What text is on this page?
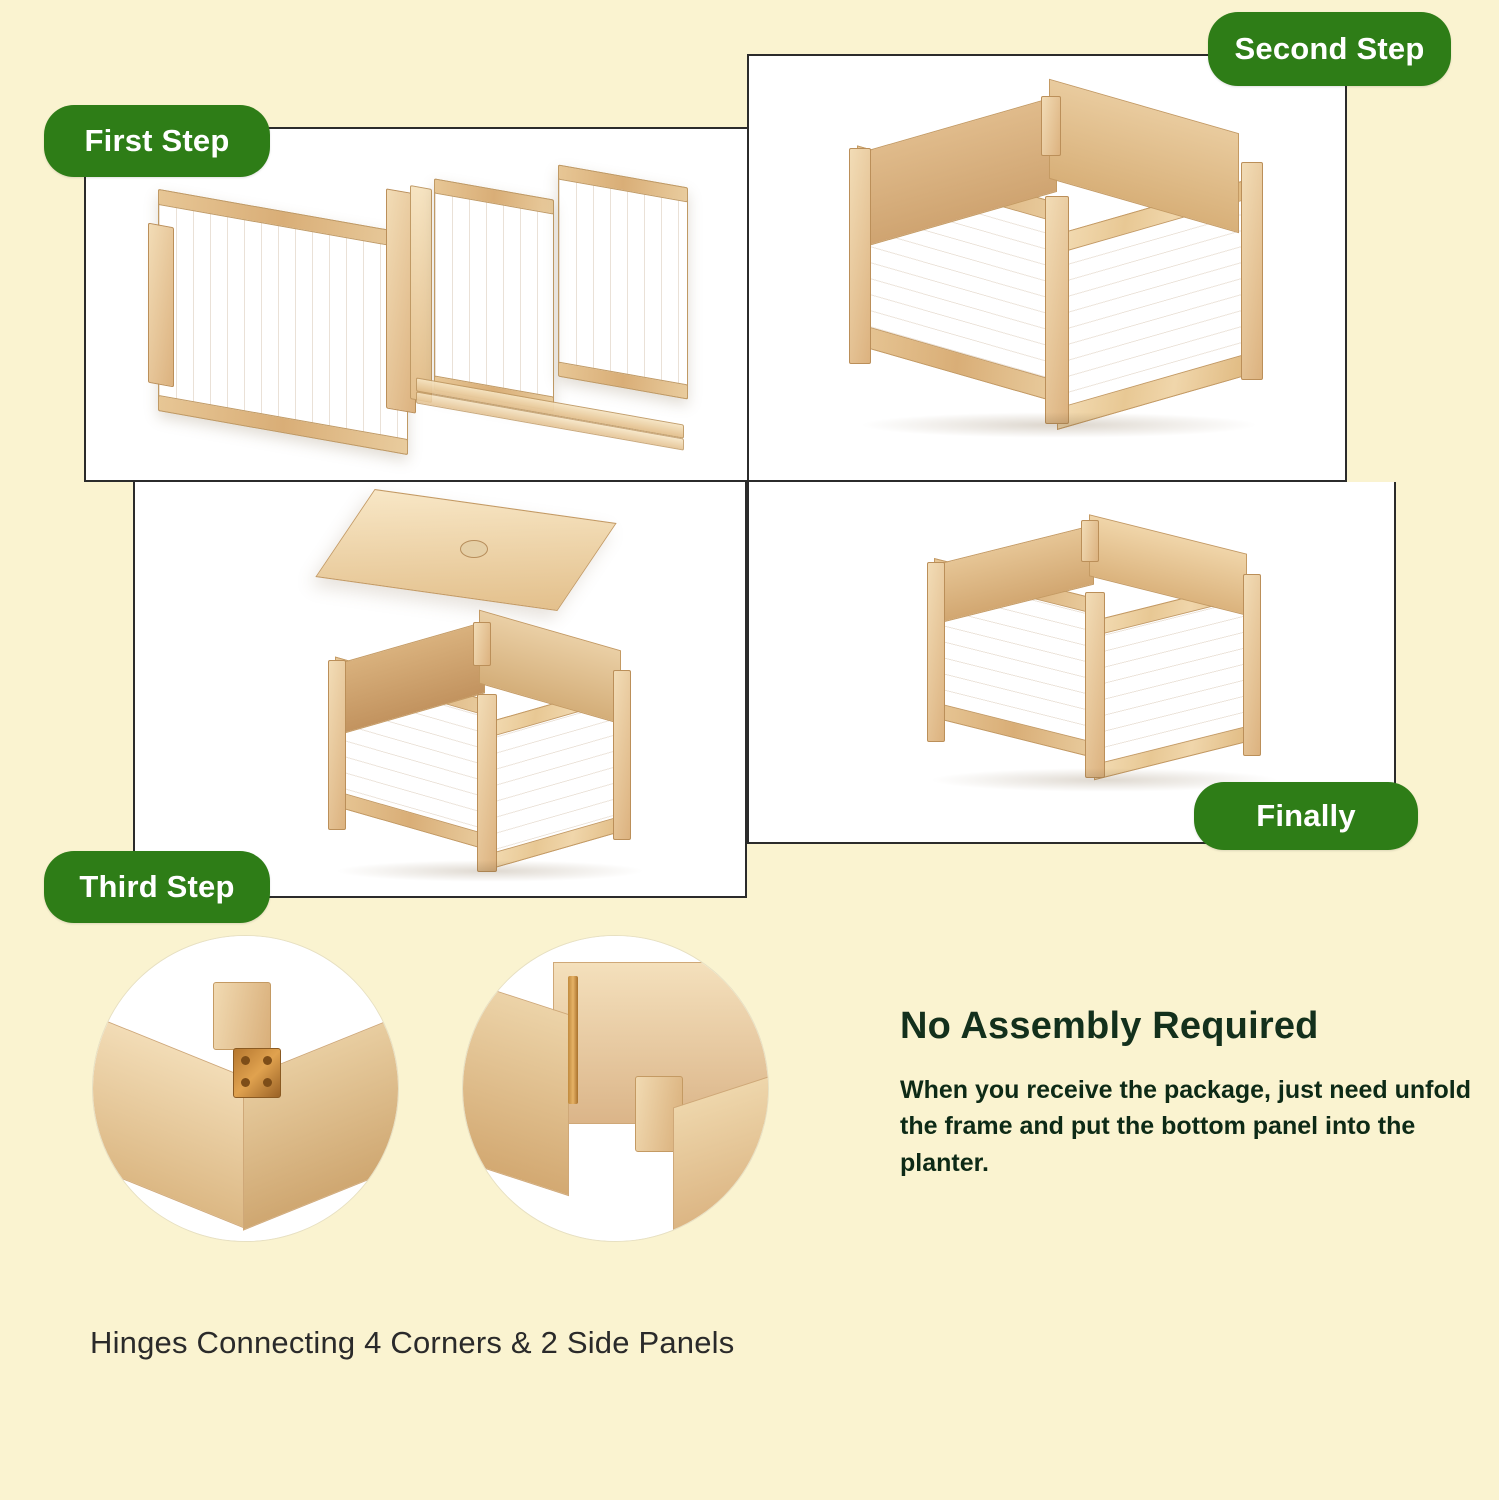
First Step
Second Step
Third Step
Finally
No Assembly Required
When you receive the package, just need unfold the frame and put the bottom panel into the planter.
Hinges Connecting 4 Corners & 2 Side Panels
